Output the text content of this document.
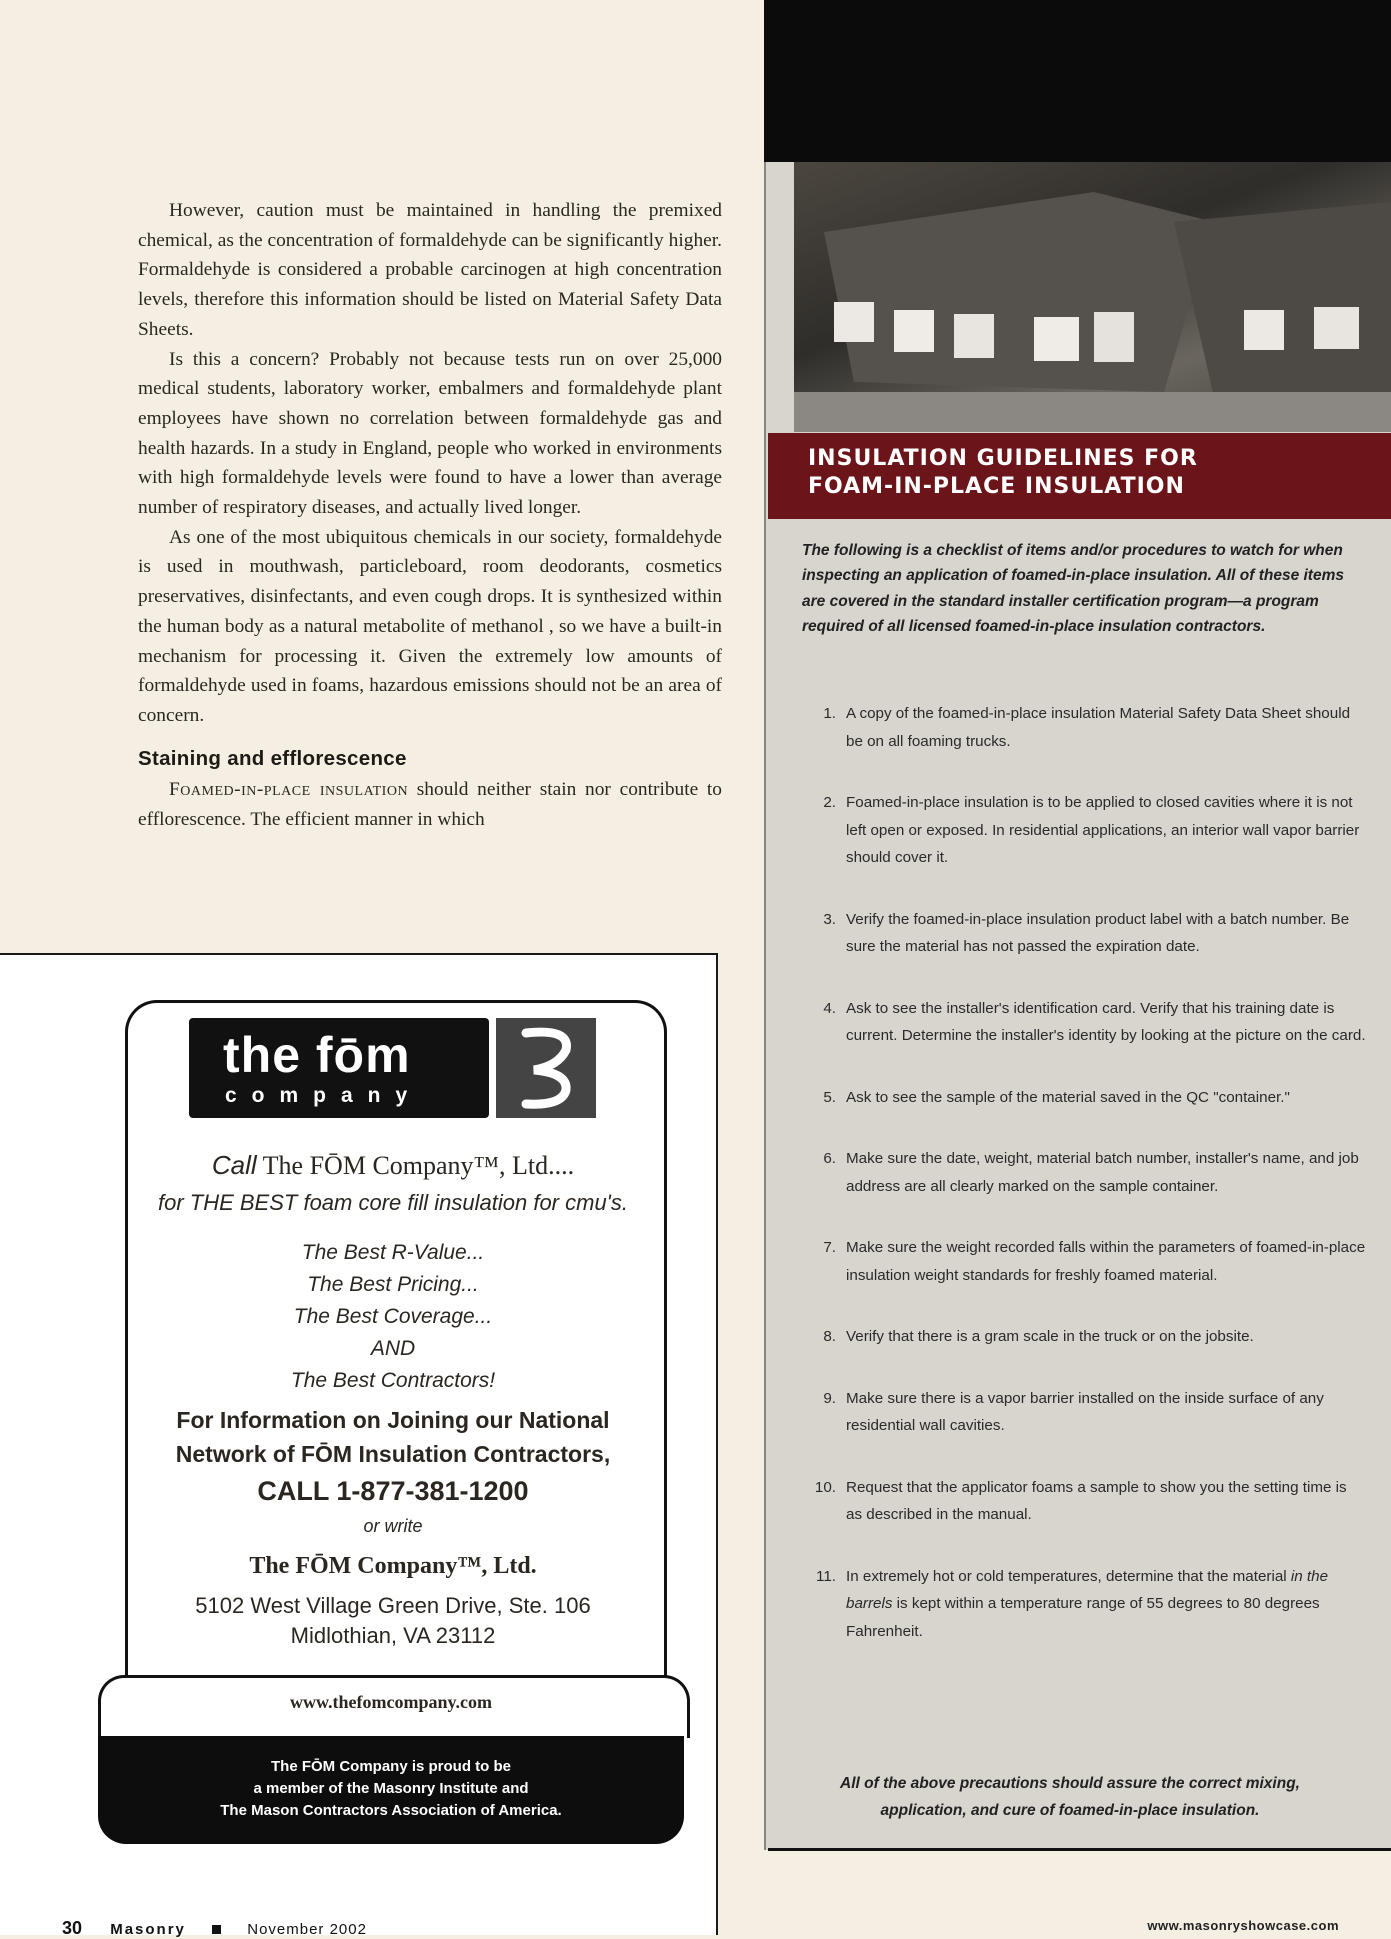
However, caution must be maintained in handling the premixed chemical, as the concentration of formaldehyde can be significantly higher. Formaldehyde is considered a probable carcinogen at high concentration levels, therefore this information should be listed on Material Safety Data Sheets.

Is this a concern? Probably not because tests run on over 25,000 medical students, laboratory worker, embalmers and formaldehyde plant employees have shown no correlation between formaldehyde gas and health hazards. In a study in England, people who worked in environments with high formaldehyde levels were found to have a lower than average number of respiratory diseases, and actually lived longer.

As one of the most ubiquitous chemicals in our society, formaldehyde is used in mouthwash, particleboard, room deodorants, cosmetics preservatives, disinfectants, and even cough drops. It is synthesized within the human body as a natural metabolite of methanol , so we have a built-in mechanism for processing it. Given the extremely low amounts of formaldehyde used in foams, hazardous emissions should not be an area of concern.

Staining and efflorescence

Foamed-in-place insulation should neither stain nor contribute to efflorescence. The efficient manner in which

the fōm
company
Call The FŌM Company™, Ltd....
for THE BEST foam core fill insulation for cmu's.
The Best R-Value...
The Best Pricing...
The Best Coverage...
AND
The Best Contractors!
For Information on Joining our National
Network of FŌM Insulation Contractors,
CALL 1-877-381-1200
or write
The FŌM Company™, Ltd.
5102 West Village Green Drive, Ste. 106
Midlothian, VA 23112
www.thefomcompany.com
The FŌM Company is proud to be
a member of the Masonry Institute and
The Mason Contractors Association of America.
30 Masonry	November 2002	www.masonryshowcase.com
INSULATION GUIDELINES FOR
FOAM-IN-PLACE INSULATION
The following is a checklist of items and/or procedures to watch for when inspecting an application of foamed-in-place insulation. All of these items are covered in the standard installer certification program—a program required of all licensed foamed-in-place insulation contractors.
1. A copy of the foamed-in-place insulation Material Safety Data Sheet should be on all foaming trucks.
2. Foamed-in-place insulation is to be applied to closed cavities where it is not left open or exposed. In residential applications, an interior wall vapor barrier should cover it.
3. Verify the foamed-in-place insulation product label with a batch number. Be sure the material has not passed the expiration date.
4. Ask to see the installer's identification card. Verify that his training date is current. Determine the installer's identity by looking at the picture on the card.
5. Ask to see the sample of the material saved in the QC "container."
6. Make sure the date, weight, material batch number, installer's name, and job address are all clearly marked on the sample container.
7. Make sure the weight recorded falls within the parameters of foamed-in-place insulation weight standards for freshly foamed material.
8. Verify that there is a gram scale in the truck or on the jobsite.
9. Make sure there is a vapor barrier installed on the inside surface of any residential wall cavities.
10. Request that the applicator foams a sample to show you the setting time is as described in the manual.
11. In extremely hot or cold temperatures, determine that the material in the barrels is kept within a temperature range of 55 degrees to 80 degrees Fahrenheit.
All of the above precautions should assure the correct mixing, application, and cure of foamed-in-place insulation.
